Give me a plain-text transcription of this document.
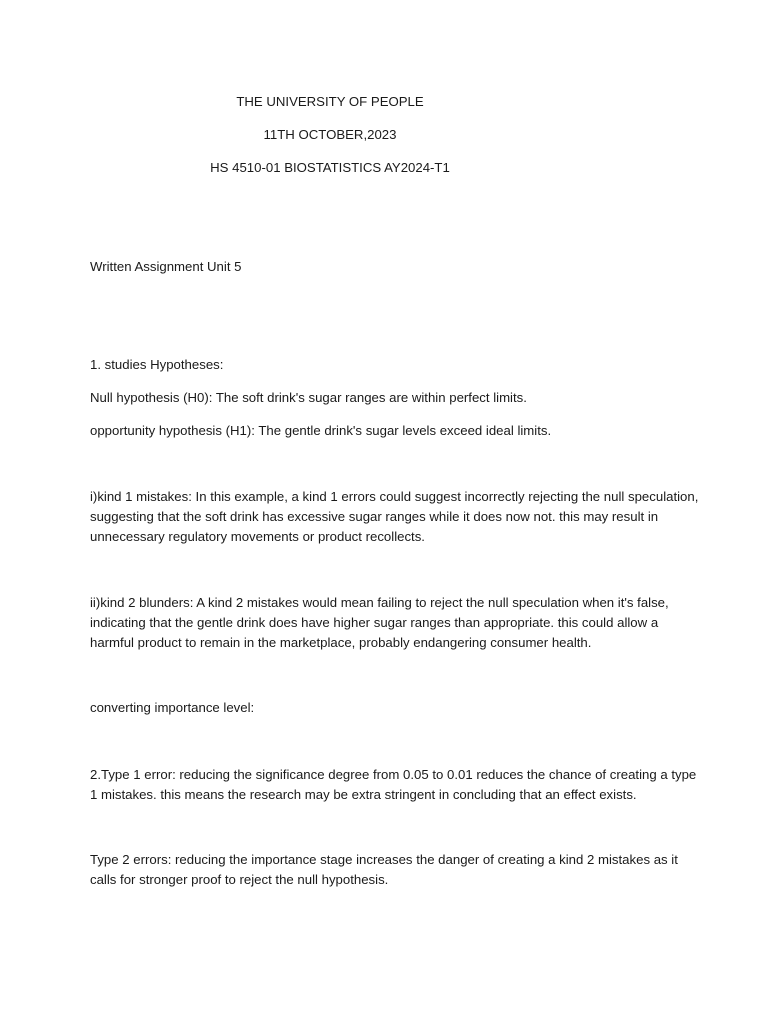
THE UNIVERSITY OF PEOPLE

11TH OCTOBER,2023

HS 4510-01 BIOSTATISTICS AY2024-T1

Written Assignment Unit 5

1. studies Hypotheses:

Null hypothesis (H0): The soft drink's sugar ranges are within perfect limits.

opportunity hypothesis (H1): The gentle drink's sugar levels exceed ideal limits.

i)kind 1 mistakes: In this example, a kind 1 errors could suggest incorrectly rejecting the null speculation,

suggesting that the soft drink has excessive sugar ranges while it does now not. this may result in

unnecessary regulatory movements or product recollects.

ii)kind 2 blunders: A kind 2 mistakes would mean failing to reject the null speculation when it's false,

indicating that the gentle drink does have higher sugar ranges than appropriate. this could allow a

harmful product to remain in the marketplace, probably endangering consumer health.

converting importance level:

2.Type 1 error: reducing the significance degree from 0.05 to 0.01 reduces the chance of creating a type

1 mistakes. this means the research may be extra stringent in concluding that an effect exists.

Type 2 errors: reducing the importance stage increases the danger of creating a kind 2 mistakes as it

calls for stronger proof to reject the null hypothesis.
